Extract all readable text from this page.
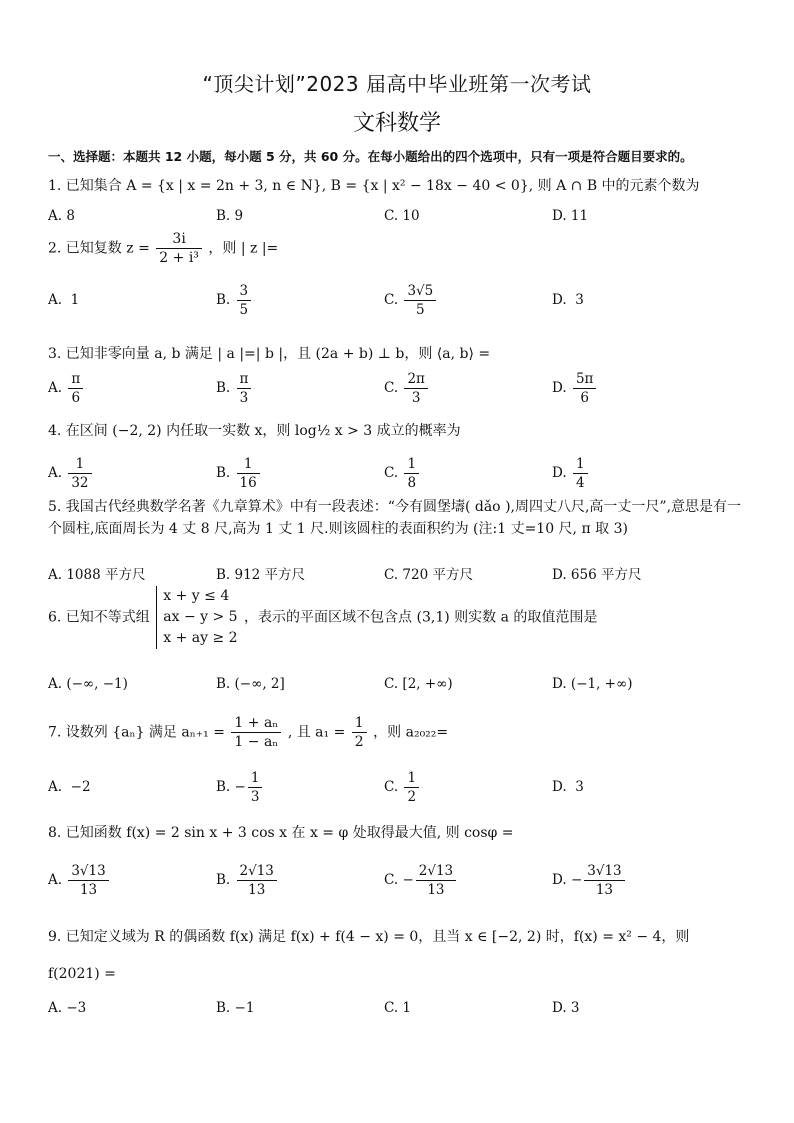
“顶尖计划”2023 届高中毕业班第一次考试
文科数学
一、选择题：本题共 12 小题，每小题 5 分，共 60 分。在每小题给出的四个选项中，只有一项是符合题目要求的。
1. 已知集合 A = {x | x = 2n + 3, n ∈ N}, B = {x | x² − 18x − 40 < 0}, 则 A ∩ B 中的元素个数为
A. 8	B. 9	C. 10	D. 11
2. 已知复数 $z = \frac{3i}{\text{2 + i³}}$ ，则 | z |=
A. 1	B. $\frac{3}{5}$	C. $\frac{3√5}{5}$	D. 3
3. 已知非零向量 a, b 满足 | a |=| b |，且 (2a + b) ⊥ b，则 ⟨a, b⟩ =
A. $\frac{\pi}{6}$	B. $\frac{\pi}{3}$	C. $\frac{2\pi}{3}$	D. $\frac{5\pi}{6}$
4. 在区间 (−2, 2) 内任取一实数 x，则 log½ x > 3 成立的概率为
A. $\frac{1}{32}$	B. $\frac{1}{16}$	C. $\frac{1}{8}$	D. $\frac{1}{4}$
5. 我国古代经典数学名著《九章算术》中有一段表述：“今有圆堡壔( dǎo ),周四丈八尺,高一丈一尺”,意思是有一个圆柱,底面周长为 4 丈 8 尺,高为 1 丈 1 尺.则该圆柱的表面积约为 (注:1 丈=10 尺, π 取 3)
A. 1088 平方尺	B. 912 平方尺	C. 720 平方尺	D. 656 平方尺
6. 已知不等式组 x + y ≤ 4
ax − y > 5
x + ay ≥ 2 ，表示的平面区域不包含点 (3,1) 则实数 a 的取值范围是
A. (−∞, −1)	B. (−∞, 2]	C. [2, +∞)	D. (−1, +∞)
7. 设数列 {aₙ} 满足 $a_{n+1} = \frac{\text{1 + aₙ}}{\text{1 − aₙ}}$ , 且 $a_1 = \frac{1}{2}$ ，则 a₂₀₂₂=
A. −2	B. − $\frac{1}{3}$	C. $\frac{1}{2}$	D. 3
8. 已知函数 f(x) = 2 sin x + 3 cos x 在 x = φ 处取得最大值, 则 cosφ =
A. $\frac{3√13}{13}$	B. $\frac{2√13}{13}$	C. − $\frac{2√13}{13}$	D. − $\frac{3√13}{13}$
9. 已知定义域为 R 的偶函数 f(x) 满足 f(x) + f(4 − x) = 0，且当 x ∈ [−2, 2) 时，f(x) = x² − 4，则
f(2021) =
A. −3	B. −1	C. 1	D. 3
